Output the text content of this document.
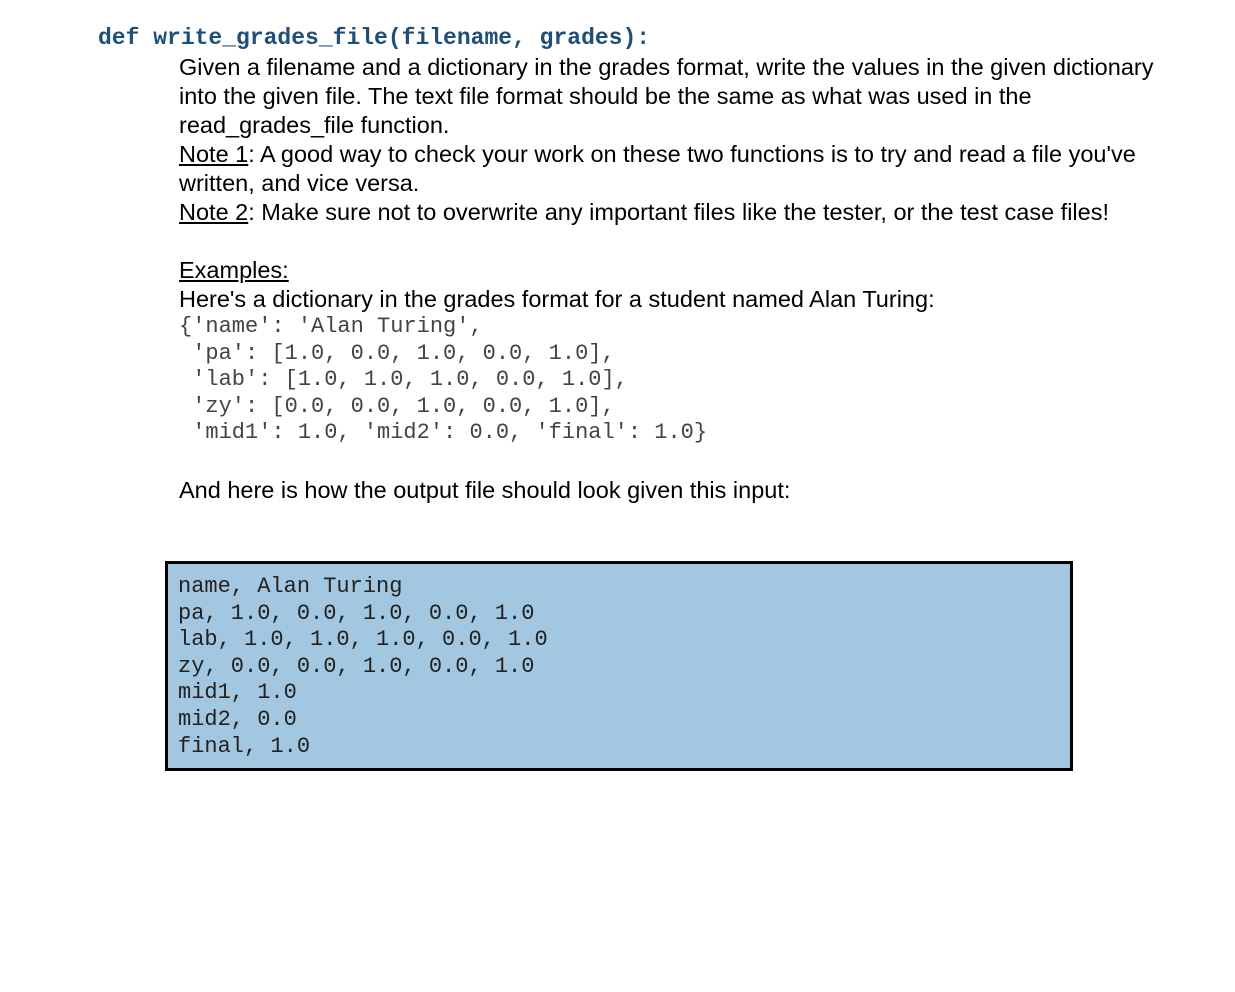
def write_grades_file(filename, grades):

Given a filename and a dictionary in the grades format, write the values in the given dictionary into the given file. The text file format should be the same as what was used in the read_grades_file function.

Note 1: A good way to check your work on these two functions is to try and read a file you've written, and vice versa.

Note 2: Make sure not to overwrite any important files like the tester, or the test case files!

Examples:

Here's a dictionary in the grades format for a student named Alan Turing:

{'name': 'Alan Turing',
'pa': [1.0, 0.0, 1.0, 0.0, 1.0],
'lab': [1.0, 1.0, 1.0, 0.0, 1.0],
'zy': [0.0, 0.0, 1.0, 0.0, 1.0],
'mid1': 1.0, 'mid2': 0.0, 'final': 1.0}

And here is how the output file should look given this input:

name, Alan Turing
pa, 1.0, 0.0, 1.0, 0.0, 1.0
lab, 1.0, 1.0, 1.0, 0.0, 1.0
zy, 0.0, 0.0, 1.0, 0.0, 1.0
mid1, 1.0
mid2, 0.0
final, 1.0
